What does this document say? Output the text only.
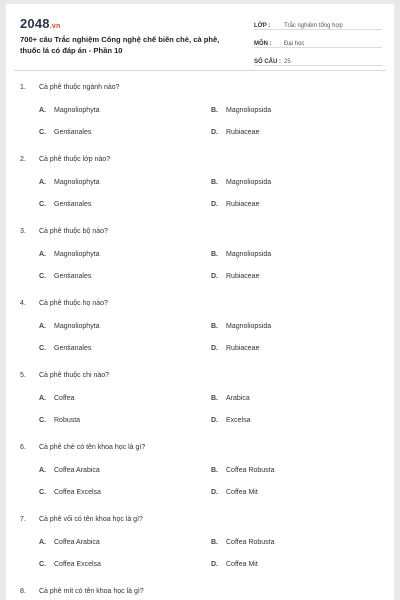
2048.vn
700+ câu Trắc nghiệm Công nghệ chế biến chè, cà phê, thuốc lá có đáp án - Phần 10
LỚP :	Trắc nghiệm tổng hợp
MÔN :	Đại học
SỐ CÂU : 25
1. Cà phê thuộc ngành nào?
A. Magnoliophyta	B. Magnoliopsida
C. Gentianales	D. Rubiaceae
2. Cà phê thuộc lớp nào?
A. Magnoliophyta	B. Magnoliopsida
C. Gentianales	D. Rubiaceae
3. Cà phê thuộc bộ nào?
A. Magnoliophyta	B. Magnoliopsida
C. Gentianales	D. Rubiaceae
4. Cà phê thuộc họ nào?
A. Magnoliophyta	B. Magnoliopsida
C. Gentianales	D. Rubiaceae
5. Cà phê thuộc chi nào?
A. Coffea	B. Arabica
C. Robusta	D. Excelsa
6. Cà phê chè có tên khoa học là gì?
A. Coffea Arabica	B. Coffea Robusta
C. Coffea Excelsa	D. Coffea Mit
7. Cà phê vối có tên khoa học là gì?
A. Coffea Arabica	B. Coffea Robusta
C. Coffea Excelsa	D. Coffea Mit
8. Cà phê mít có tên khoa học là gì?
